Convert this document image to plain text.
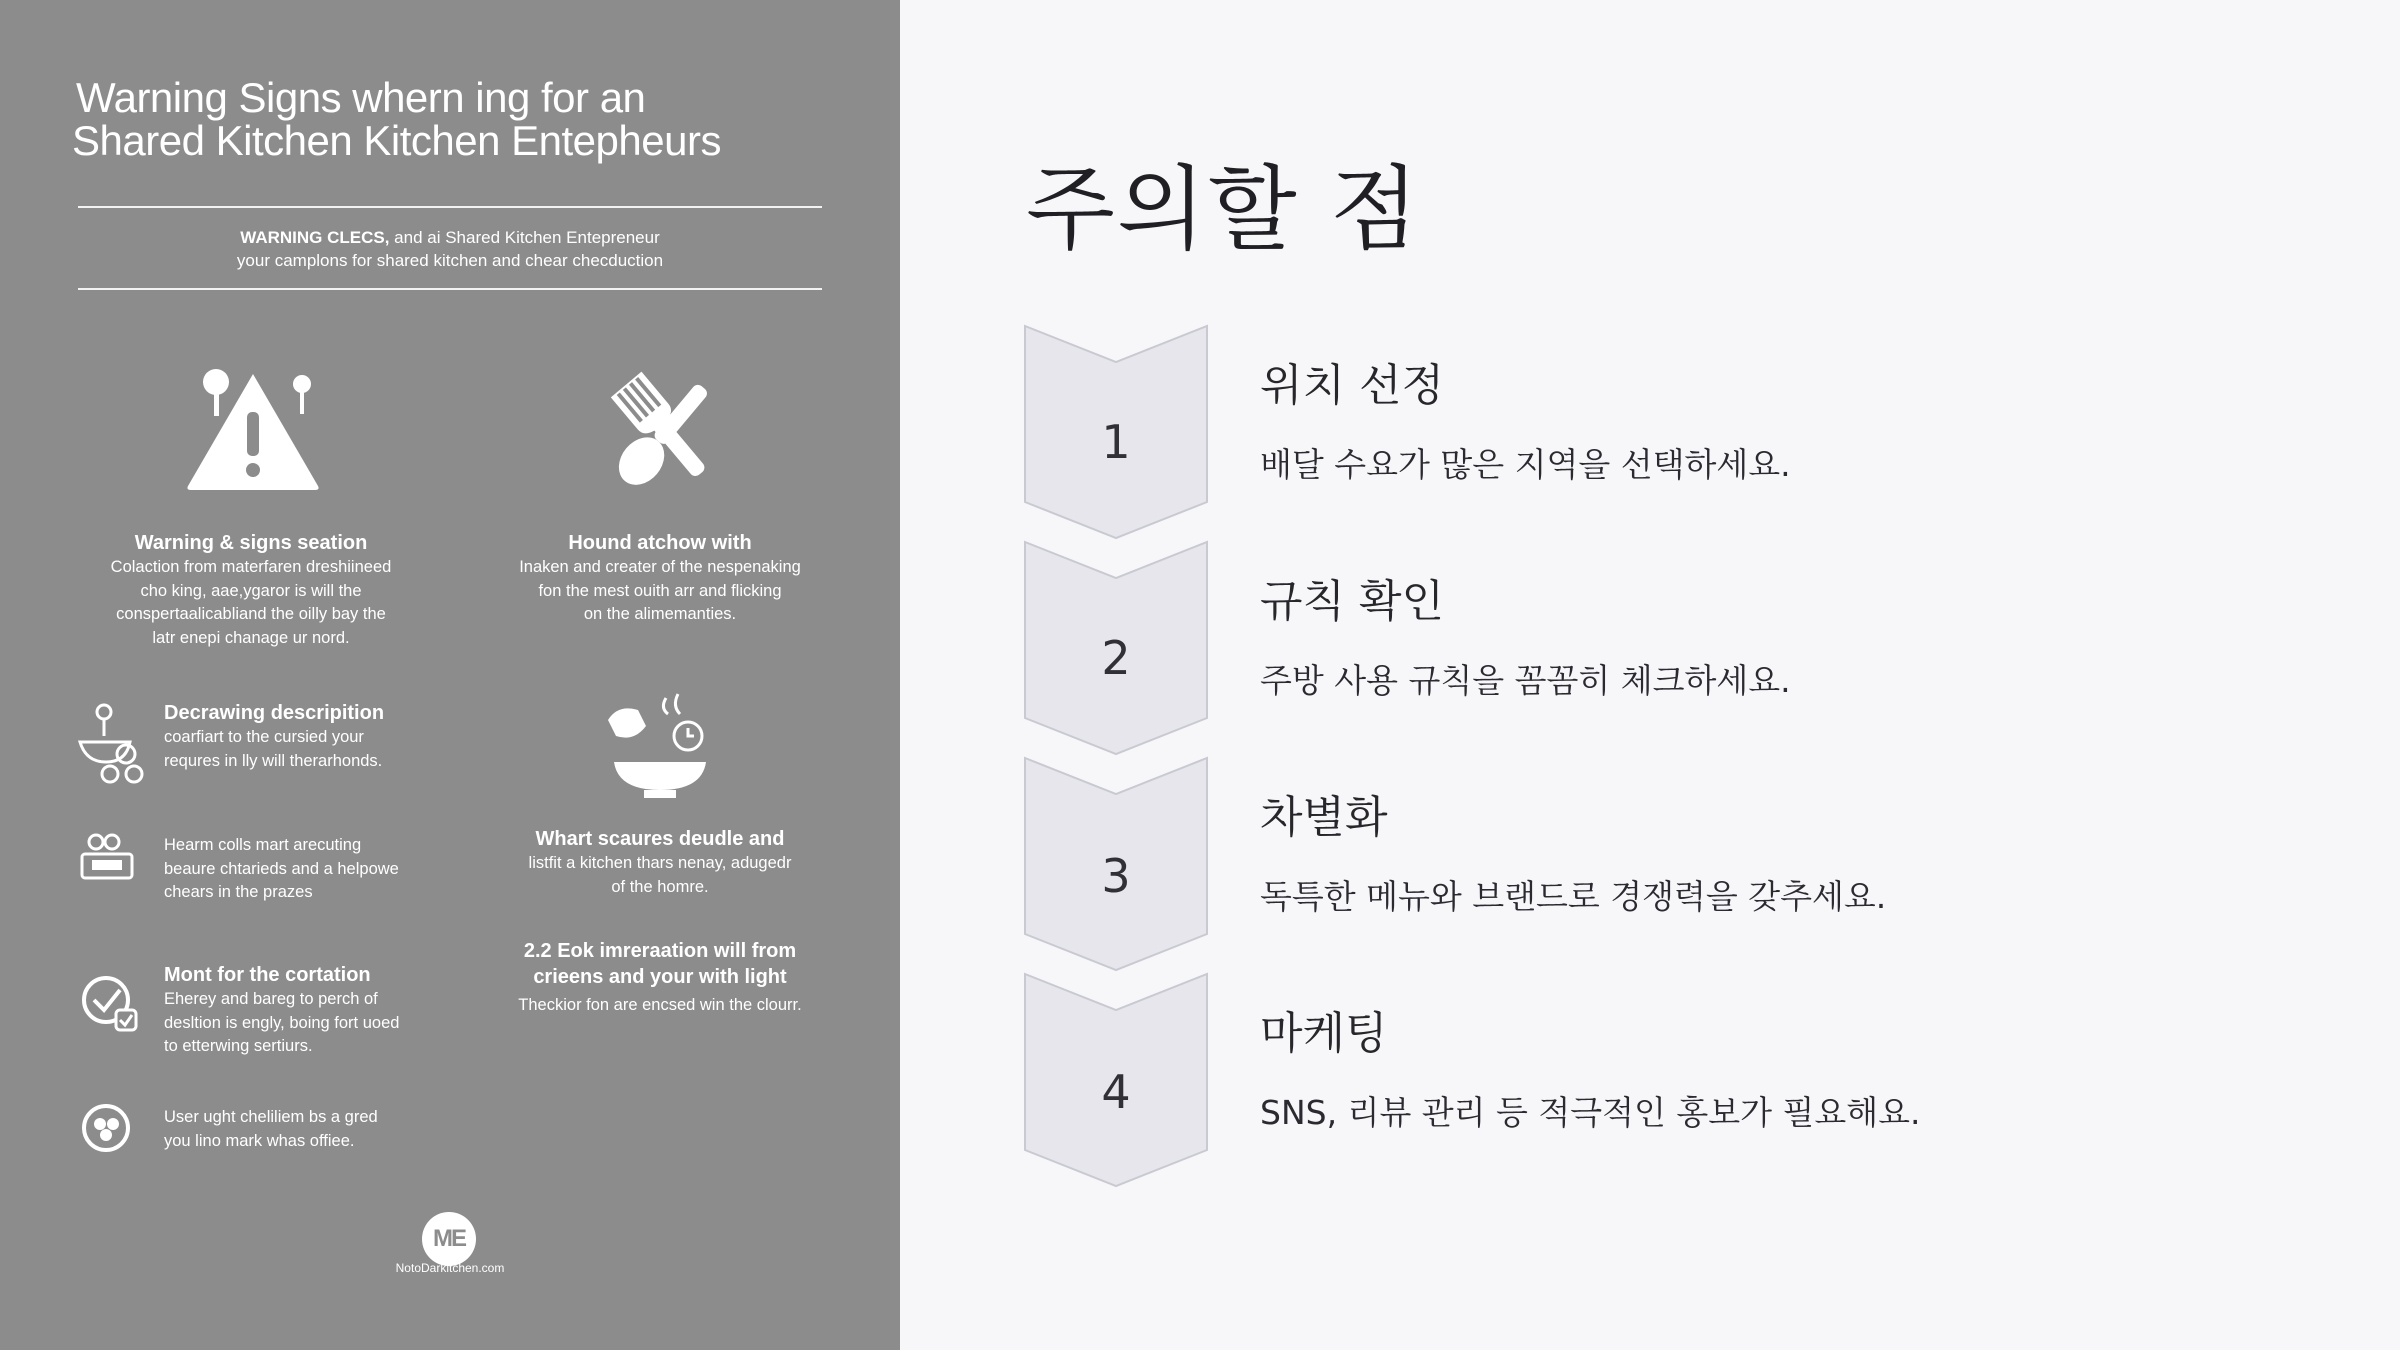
Warning Signs whern ing for an
Shared Kitchen Kitchen Entepheurs
WARNING CLECS, and ai Shared Kitchen Entepreneur
your camplons for shared kitchen and chear checduction
Warning & signs seation
Colaction from materfaren dreshiineed
cho king, aae,ygaror is will the
conspertaalicabliand the oilly bay the
latr enepi chanage ur nord.
Hound atchow with
Inaken and creater of the nespenaking
fon the mest ouith arr and flicking
on the alimemanties.
Decrawing descripition
coarfiart to the cursied your
requres in lly will therarhonds.
Hearm colls mart arecuting
beaure chtarieds and a helpowe
chears in the prazes
Whart scaures deudle and
listfit a kitchen thars nenay, adugedr
of the homre.
2.2 Eok imreraation will from
crieens and your with light
Theckior fon are encsed win the clourr.
Mont for the cortation
Eherey and bareg to perch of
desltion is engly, boing fort uoed
to etterwing sertiurs.
User ught cheliliem bs a gred
you lino mark whas offiee.
ME
NotoDarkitchen.com
주의할 점
1
위치 선정
배달 수요가 많은 지역을 선택하세요.
2
규칙 확인
주방 사용 규칙을 꼼꼼히 체크하세요.
3
차별화
독특한 메뉴와 브랜드로 경쟁력을 갖추세요.
4
마케팅
SNS, 리뷰 관리 등 적극적인 홍보가 필요해요.
